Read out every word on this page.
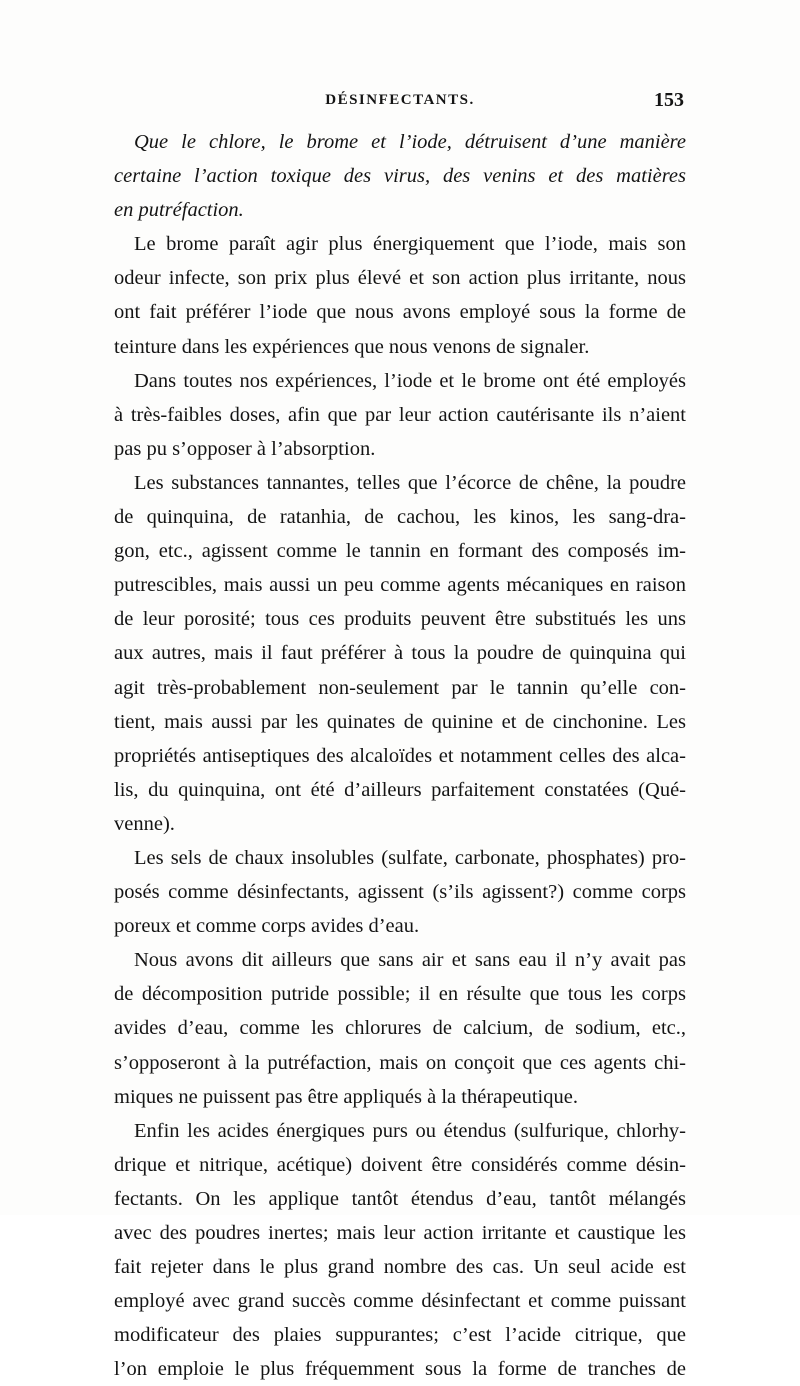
DÉSINFECTANTS.	153
Que le chlore, le brome et l’iode, détruisent d’une manière
certaine l’action toxique des virus, des venins et des matières
en putréfaction.
Le brome paraît agir plus énergiquement que l’iode, mais son
odeur infecte, son prix plus élevé et son action plus irritante, nous
ont fait préférer l’iode que nous avons employé sous la forme de
teinture dans les expériences que nous venons de signaler.
Dans toutes nos expériences, l’iode et le brome ont été employés
à très-faibles doses, afin que par leur action cautérisante ils n’aient
pas pu s’opposer à l’absorption.
Les substances tannantes, telles que l’écorce de chêne, la poudre
de quinquina, de ratanhia, de cachou, les kinos, les sang-dra-
gon, etc., agissent comme le tannin en formant des composés im-
putrescibles, mais aussi un peu comme agents mécaniques en raison
de leur porosité; tous ces produits peuvent être substitués les uns
aux autres, mais il faut préférer à tous la poudre de quinquina qui
agit très-probablement non-seulement par le tannin qu’elle con-
tient, mais aussi par les quinates de quinine et de cinchonine. Les
propriétés antiseptiques des alcaloïdes et notamment celles des alca-
lis, du quinquina, ont été d’ailleurs parfaitement constatées (Qué-
venne).
Les sels de chaux insolubles (sulfate, carbonate, phosphates) pro-
posés comme désinfectants, agissent (s’ils agissent?) comme corps
poreux et comme corps avides d’eau.
Nous avons dit ailleurs que sans air et sans eau il n’y avait pas
de décomposition putride possible; il en résulte que tous les corps
avides d’eau, comme les chlorures de calcium, de sodium, etc.,
s’opposeront à la putréfaction, mais on conçoit que ces agents chi-
miques ne puissent pas être appliqués à la thérapeutique.
Enfin les acides énergiques purs ou étendus (sulfurique, chlorhy-
drique et nitrique, acétique) doivent être considérés comme désin-
fectants. On les applique tantôt étendus d’eau, tantôt mélangés
avec des poudres inertes; mais leur action irritante et caustique les
fait rejeter dans le plus grand nombre des cas. Un seul acide est
employé avec grand succès comme désinfectant et comme puissant
modificateur des plaies suppurantes; c’est l’acide citrique, que
l’on emploie le plus fréquemment sous la forme de tranches de
